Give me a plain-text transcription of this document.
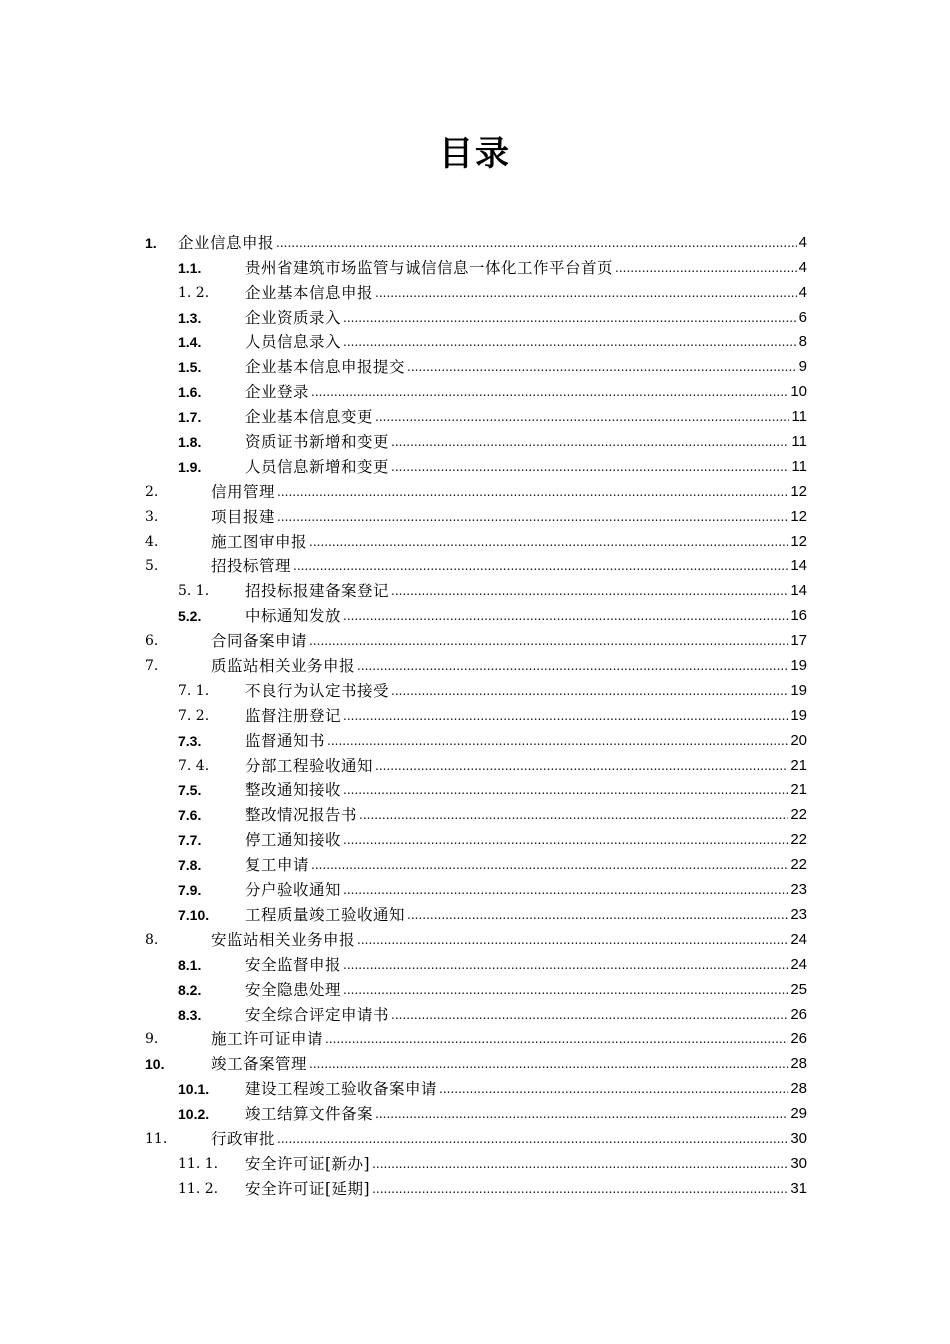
目录
1.	企业信息申报 .....	4
1.1.	贵州省建筑市场监管与诚信信息一体化工作平台首页 .....	4
1. 2.	企业基本信息申报 .....	4
1.3.	企业资质录入 .....	6
1.4.	人员信息录入 .....	8
1.5.	企业基本信息申报提交 .....	9
1.6.	企业登录 .....	10
1.7.	企业基本信息变更 .....	11
1.8.	资质证书新增和变更 .....	11
1.9.	人员信息新增和变更 .....	11
2.	信用管理 .....	12
3.	项目报建 .....	12
4.	施工图审申报 .....	12
5.	招投标管理 .....	14
5. 1.	招投标报建备案登记 .....	14
5.2.	中标通知发放 .....	16
6.	合同备案申请 .....	17
7.	质监站相关业务申报 .....	19
7. 1.	不良行为认定书接受 .....	19
7. 2.	监督注册登记 .....	19
7.3.	监督通知书 .....	20
7. 4.	分部工程验收通知 .....	21
7.5.	整改通知接收 .....	21
7.6.	整改情况报告书 .....	22
7.7.	停工通知接收 .....	22
7.8.	复工申请 .....	22
7.9.	分户验收通知 .....	23
7.10.	工程质量竣工验收通知 .....	23
8.	安监站相关业务申报 .....	24
8.1.	安全监督申报 .....	24
8.2.	安全隐患处理 .....	25
8.3.	安全综合评定申请书 .....	26
9.	施工许可证申请 .....	26
10.	竣工备案管理 .....	28
10.1.	建设工程竣工验收备案申请 .....	28
10.2.	竣工结算文件备案 .....	29
11.	行政审批 .....	30
11. 1.	安全许可证[新办] .....	30
11. 2.	安全许可证[延期] .....	31
